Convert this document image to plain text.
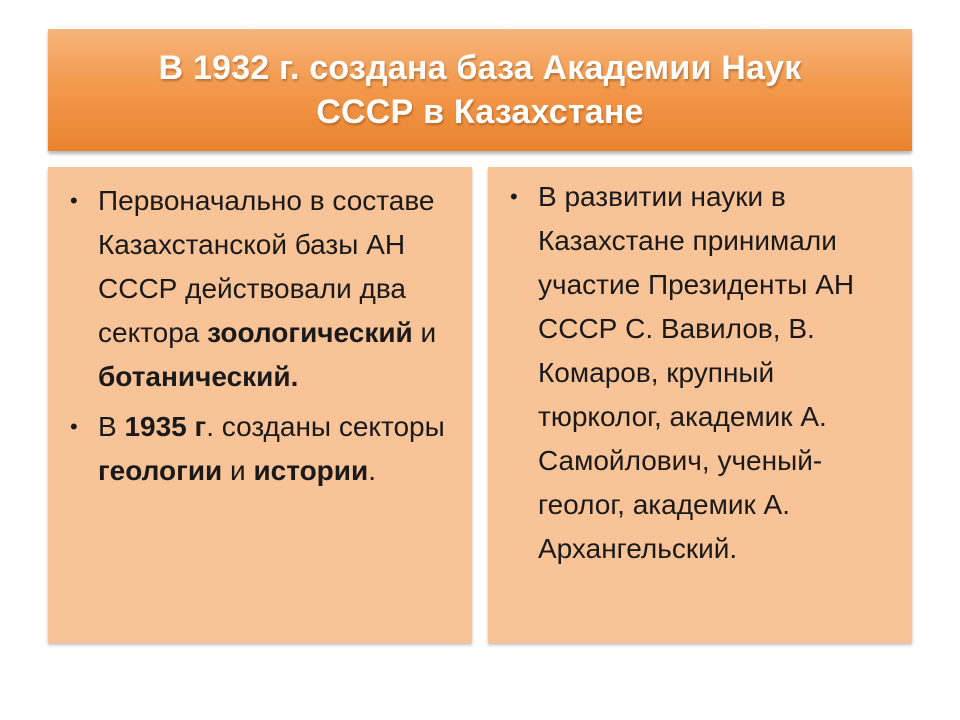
В 1932 г. создана база Академии Наук
СССР в Казахстане
• Первоначально в составе Казахстанской базы АН СССР действовали два сектора зоологический и ботанический.
• В 1935 г. созданы секторы геологии и истории.
• В развитии науки в Казахстане принимали участие Президенты АН СССР С. Вавилов, В. Комаров, крупный тюрколог, академик А. Самойлович, ученый-геолог, академик А. Архангельский.
